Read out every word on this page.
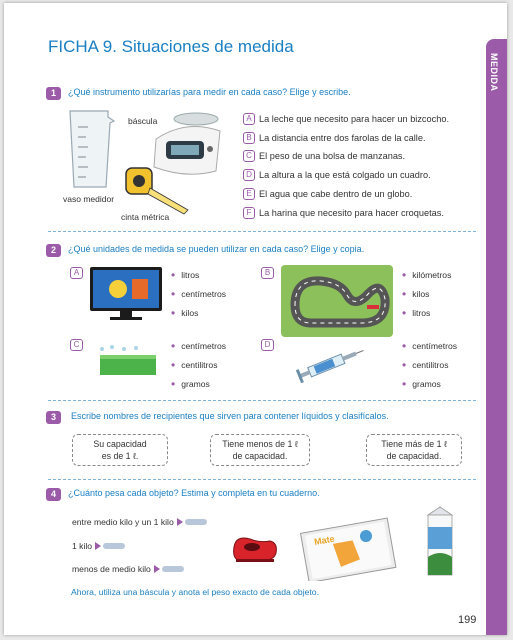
MEDIDA
FICHA 9. Situaciones de medida
1	¿Qué instrumento utilizarías para medir en cada caso? Elige y escribe.
vaso medidor
báscula
cinta métrica
A La leche que necesito para hacer un bizcocho.
B La distancia entre dos farolas de la calle.
C El peso de una bolsa de manzanas.
D La altura a la que está colgado un cuadro.
E El agua que cabe dentro de un globo.
F La harina que necesito para hacer croquetas.
2	¿Qué unidades de medida se pueden utilizar en cada caso? Elige y copia.
A	• litros
• centímetros
• kilos
B	• kilómetros
• kilos
• litros
C	• centímetros
• centilitros
• gramos
D	• centímetros
• centilitros
• gramos
3	Escribe nombres de recipientes que sirven para contener líquidos y clasifícalos.
Su capacidad
es de 1 ℓ.
Tiene menos de 1 ℓ
de capacidad.
Tiene más de 1 ℓ
de capacidad.
4	¿Cuánto pesa cada objeto? Estima y completa en tu cuaderno.
entre medio kilo y un 1 kilo
1 kilo
menos de medio kilo
Mate
Ahora, utiliza una báscula y anota el peso exacto de cada objeto.
199
